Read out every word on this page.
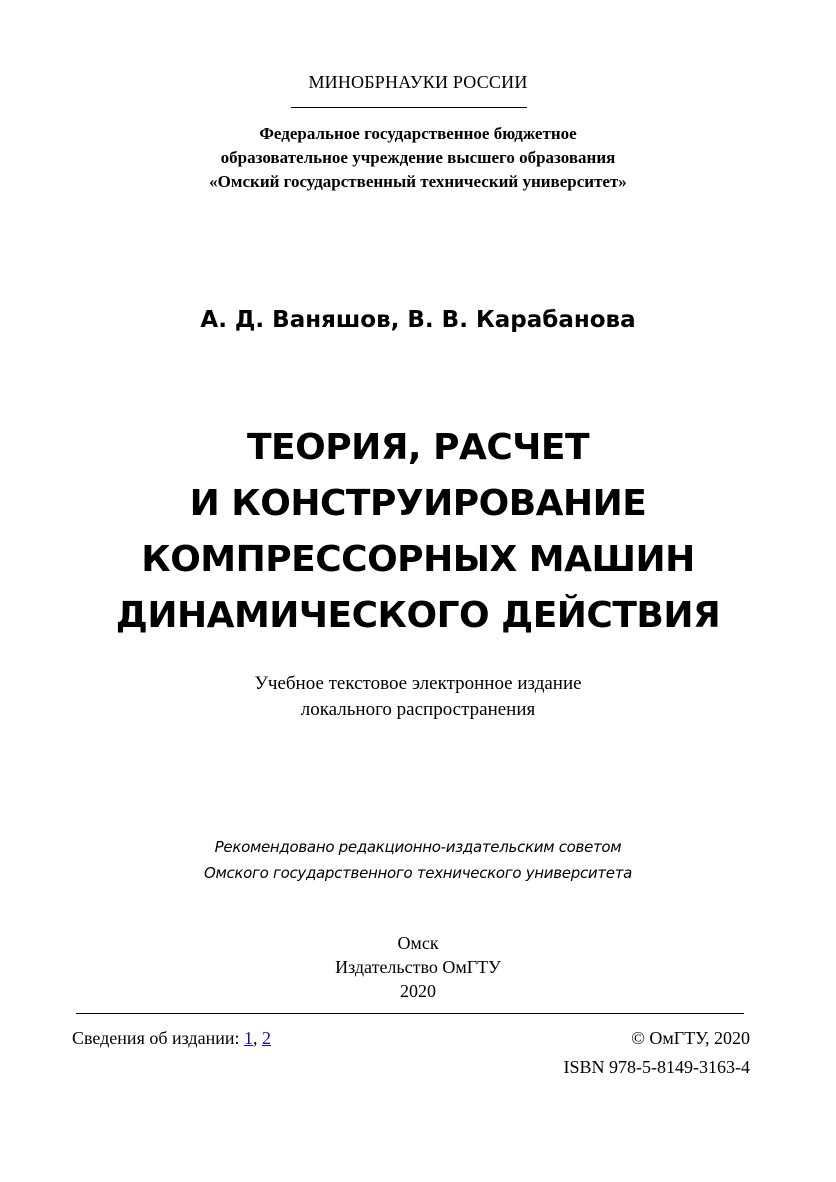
МИНОБРНАУКИ РОССИИ
Федеральное государственное бюджетное
образовательное учреждение высшего образования
«Омский государственный технический университет»
А. Д. Ваняшов, В. В. Карабанова
ТЕОРИЯ, РАСЧЕТ
И КОНСТРУИРОВАНИЕ
КОМПРЕССОРНЫХ МАШИН
ДИНАМИЧЕСКОГО ДЕЙСТВИЯ
Учебное текстовое электронное издание
локального распространения
Рекомендовано редакционно-издательским советом
Омского государственного технического университета
Омск
Издательство ОмГТУ
2020
Сведения об издании: 1, 2	© ОмГТУ, 2020
ISBN 978-5-8149-3163-4
